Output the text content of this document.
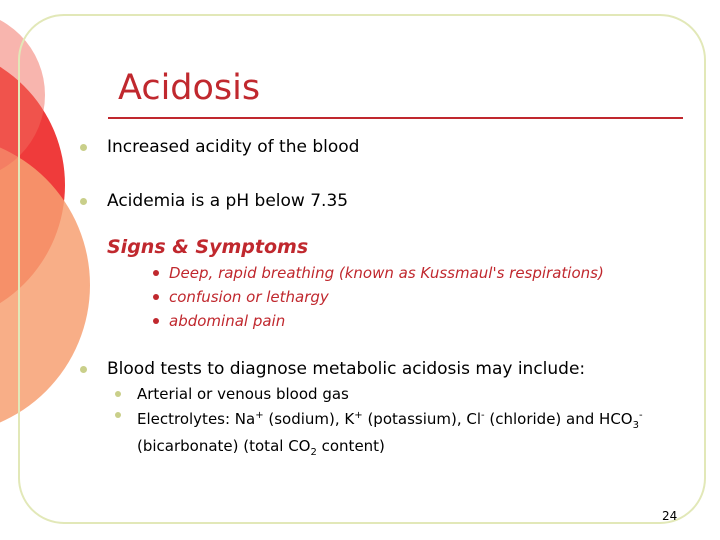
Acidosis
Increased acidity of the blood
Acidemia is a pH below 7.35
Signs & Symptoms
Deep, rapid breathing (known as Kussmaul's respirations)
confusion or lethargy
abdominal pain
Blood tests to diagnose metabolic acidosis may include:
Arterial or venous blood gas
Electrolytes: Na+ (sodium), K+ (potassium), Cl- (chloride) and $HCO_3^-$ (bicarbonate) (total $CO_2$ content)
24
